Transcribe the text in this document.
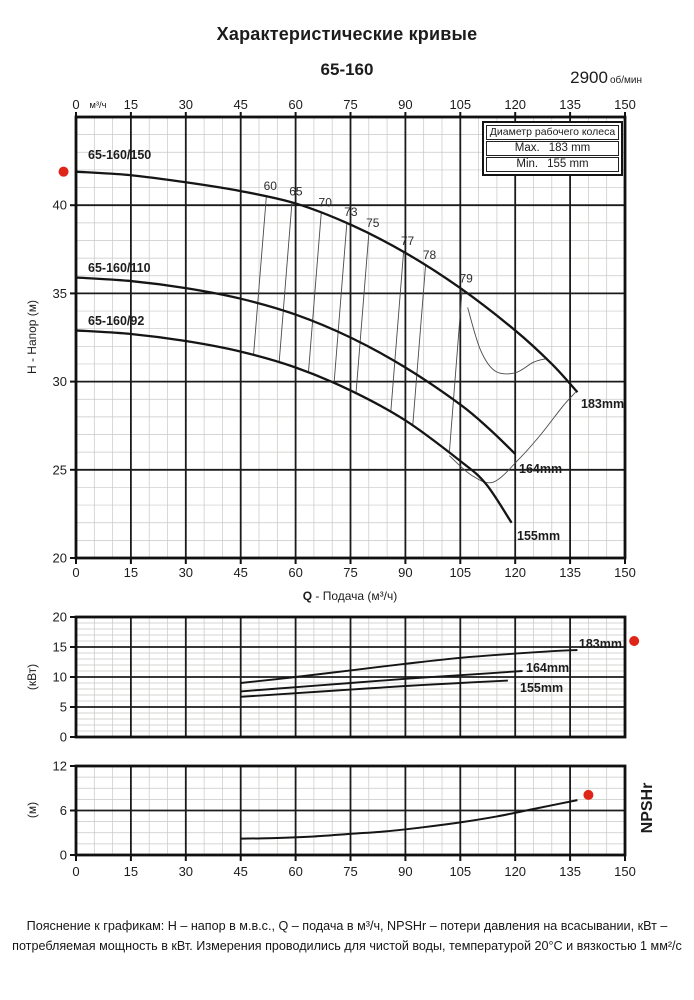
Характеристические кривые
65-160	2900 об/мин
60 65
70
73
75
77
78
79
65-160/150
183mm
65-160/110
164mm
65-160/92
155mm
0
0
15
15
30
30
45
45
60
60
75
75
90
90
105
105
120
120
135
135
150
150
40
35
30
25
20
м³/ч
H - Напор (м)
Q - Подача (м³/ч)
Диаметр рабочего колеса
Max. 183 mm
Min. 155 mm
183mm
164mm
155mm
20
15
10
5
0
(кВт)
0	15	30	45	60	75	90	105	120	135	150
12
6
0
(м)	NPSHr
Пояснение к графикам: H – напор в м.в.с., Q – подача в м³/ч, NPSHr – потери давления на всасывании, кВт – потребляемая мощность в кВт. Измерения проводились для чистой воды, температурой 20°С и вязкостью 1 мм²/с
